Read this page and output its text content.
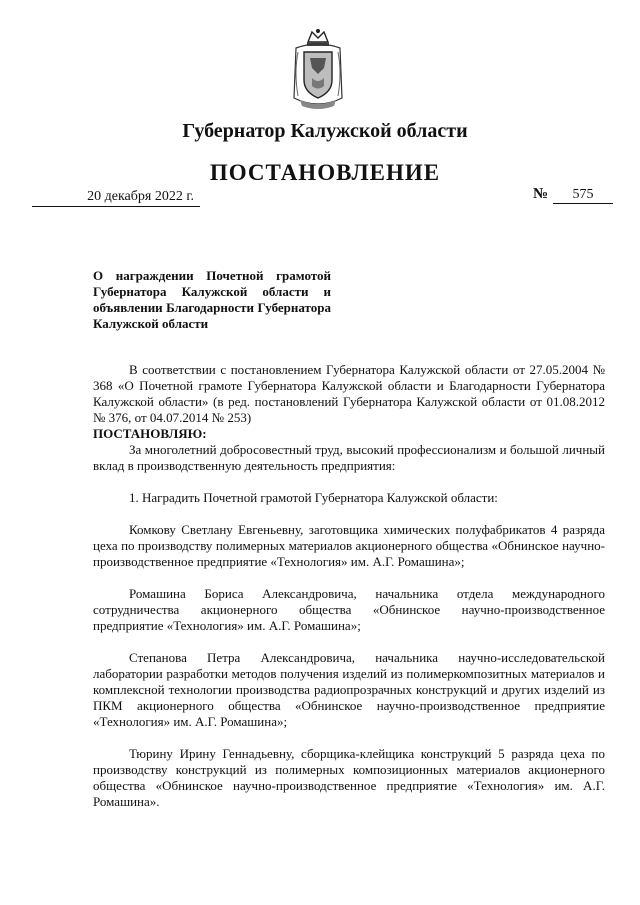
Губернатор Калужской области
ПОСТАНОВЛЕНИЕ
20 декабря 2022 г.	№	575
О награждении Почетной грамотой Губернатора Калужской области и объявлении Благодарности Губернатора Калужской области

В соответствии с постановлением Губернатора Калужской области от 27.05.2004 № 368 «О Почетной грамоте Губернатора Калужской области и Благодарности Губернатора Калужской области» (в ред. постановлений Губернатора Калужской области от 01.08.2012 № 376, от 04.07.2014 № 253)

ПОСТАНОВЛЯЮ:

За многолетний добросовестный труд, высокий профессионализм и большой личный вклад в производственную деятельность предприятия:

1. Наградить Почетной грамотой Губернатора Калужской области:

Комкову Светлану Евгеньевну, заготовщика химических полуфабрикатов 4 разряда цеха по производству полимерных материалов акционерного общества «Обнинское научно-производственное предприятие «Технология» им. А.Г. Ромашина»;

Ромашина Бориса Александровича, начальника отдела международного сотрудничества акционерного общества «Обнинское научно-производственное предприятие «Технология» им. А.Г. Ромашина»;

Степанова Петра Александровича, начальника научно-исследовательской лаборатории разработки методов получения изделий из полимеркомпозитных материалов и комплексной технологии производства радиопрозрачных конструкций и других изделий из ПКМ акционерного общества «Обнинское научно-производственное предприятие «Технология» им. А.Г. Ромашина»;

Тюрину Ирину Геннадьевну, сборщика-клейщика конструкций 5 разряда цеха по производству конструкций из полимерных композиционных материалов акционерного общества «Обнинское научно-производственное предприятие «Технология» им. А.Г. Ромашина».
